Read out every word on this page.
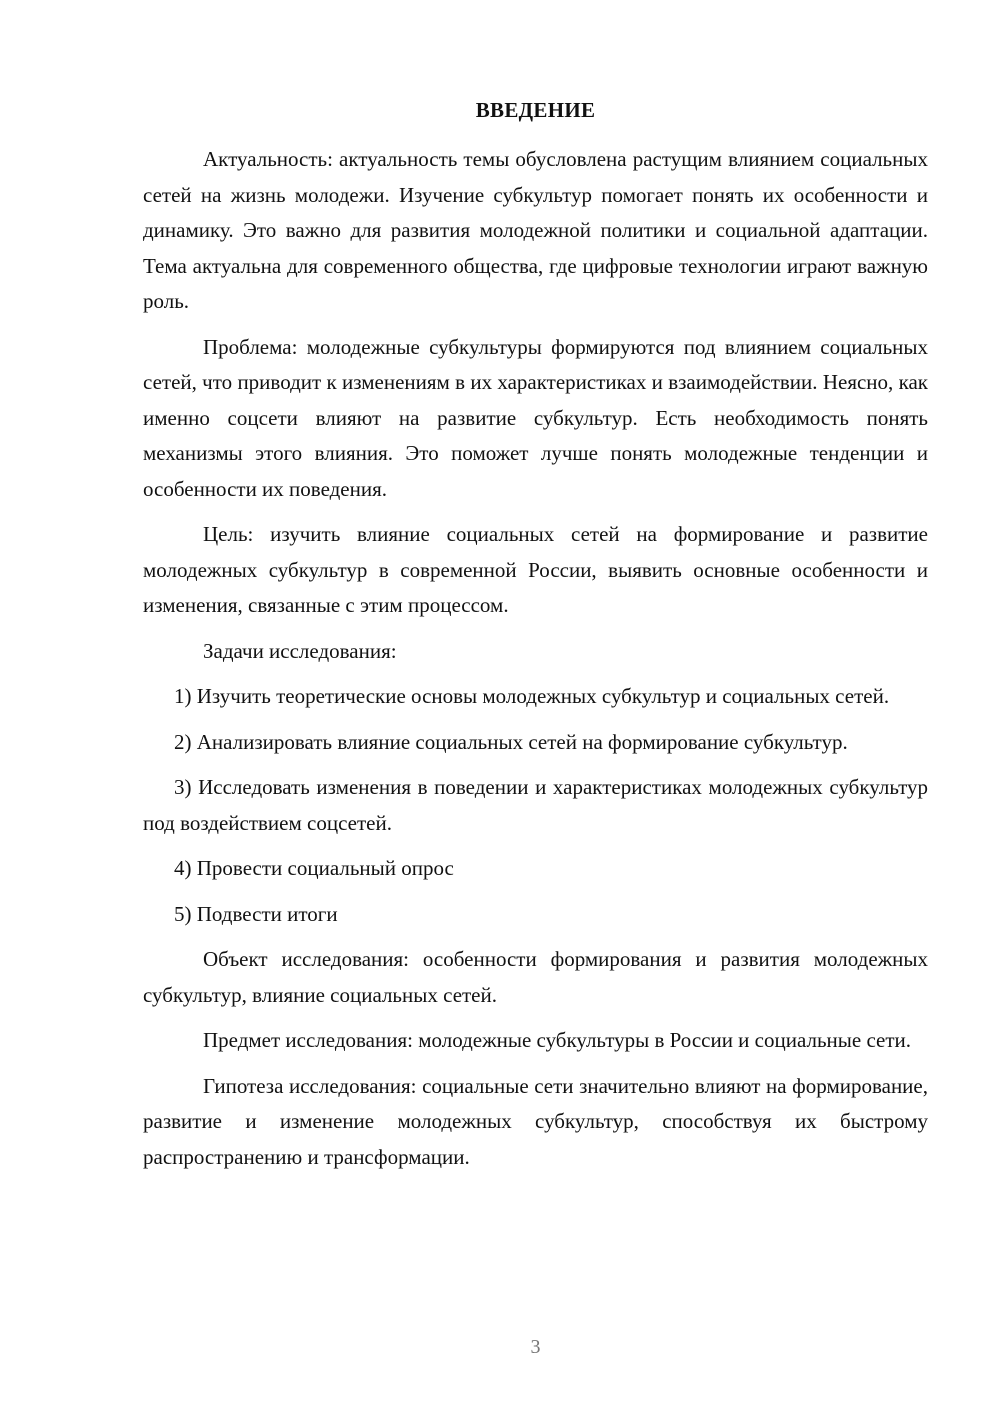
ВВЕДЕНИЕ

Актуальность: актуальность темы обусловлена растущим влиянием социальных сетей на жизнь молодежи. Изучение субкультур помогает понять их особенности и динамику. Это важно для развития молодежной политики и социальной адаптации. Тема актуальна для современного общества, где цифровые технологии играют важную роль.

Проблема: молодежные субкультуры формируются под влиянием социальных сетей, что приводит к изменениям в их характеристиках и взаимодействии. Неясно, как именно соцсети влияют на развитие субкультур. Есть необходимость понять механизмы этого влияния. Это поможет лучше понять молодежные тенденции и особенности их поведения.

Цель: изучить влияние социальных сетей на формирование и развитие молодежных субкультур в современной России, выявить основные особенности и изменения, связанные с этим процессом.

Задачи исследования:

1) Изучить теоретические основы молодежных субкультур и социальных сетей.

2) Анализировать влияние социальных сетей на формирование субкультур.

3) Исследовать изменения в поведении и характеристиках молодежных субкультур под воздействием соцсетей.

4) Провести социальный опрос

5) Подвести итоги

Объект исследования: особенности формирования и развития молодежных субкультур, влияние социальных сетей.

Предмет исследования: молодежные субкультуры в России и социальные сети.

Гипотеза исследования: социальные сети значительно влияют на формирование, развитие и изменение молодежных субкультур, способствуя их быстрому распространению и трансформации.

3
